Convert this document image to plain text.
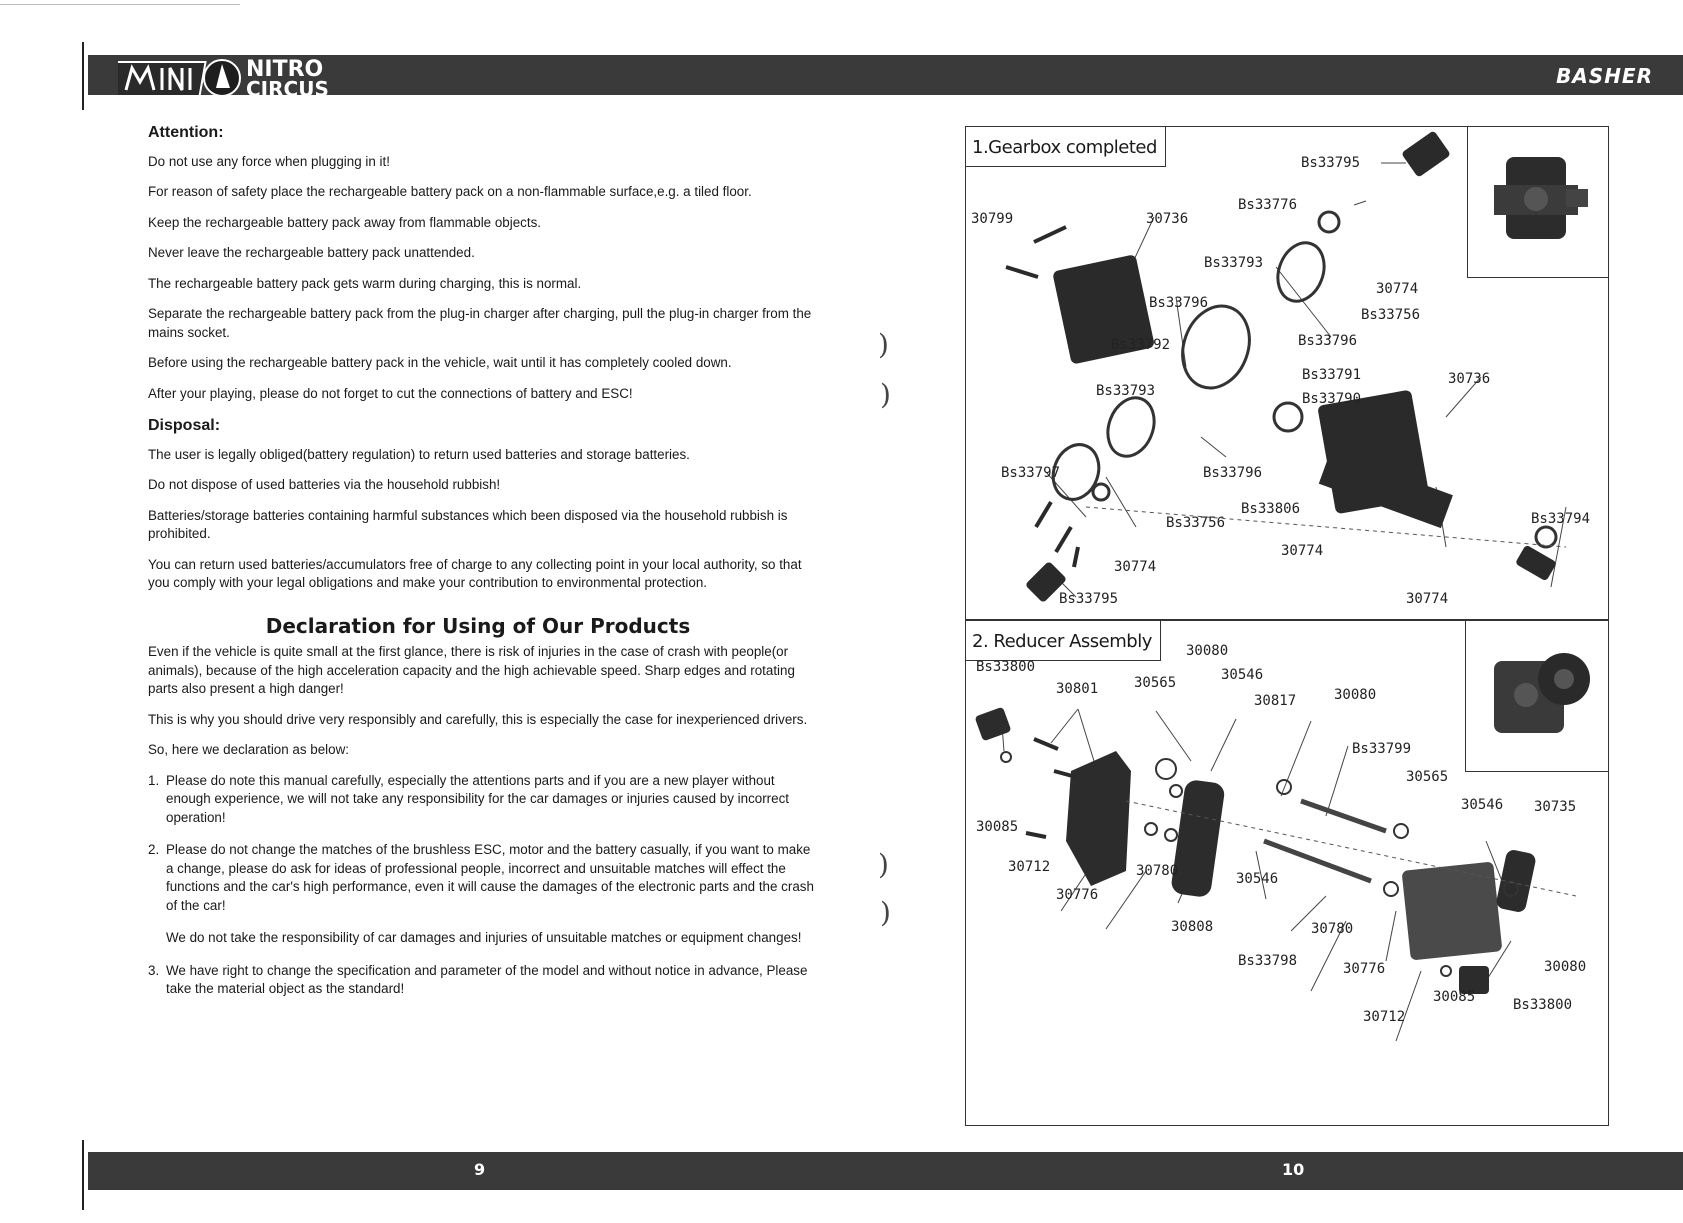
NITRO
CIRCUS
BASHER
Attention:

Do not use any force when plugging in it!

For reason of safety place the rechargeable battery pack on a non-flammable surface,e.g. a tiled floor.

Keep the rechargeable battery pack away from flammable objects.

Never leave the rechargeable battery pack unattended.

The rechargeable battery pack gets warm during charging, this is normal.

Separate the rechargeable battery pack from the plug-in charger after charging, pull the plug-in charger from the mains socket.

Before using the rechargeable battery pack in the vehicle, wait until it has completely cooled down.

After your playing, please do not forget to cut the connections of battery and ESC!

Disposal:

The user is legally obliged(battery regulation) to return used batteries and storage batteries.

Do not dispose of used batteries via the household rubbish!

Batteries/storage batteries containing harmful substances which been disposed via the household rubbish is prohibited.

You can return used batteries/accumulators free of charge to any collecting point in your local authority, so that you comply with your legal obligations and make your contribution to environmental protection.

Declaration for Using of Our Products

Even if the vehicle is quite small at the first glance, there is risk of injuries in the case of crash with people(or animals), because of the high acceleration capacity and the high achievable speed. Sharp edges and rotating parts also present a high danger!

This is why you should drive very responsibly and carefully, this is especially the case for inexperienced drivers.

So, here we declaration as below:

1. Please do note this manual carefully, especially the attentions parts and if you are a new player without enough experience, we will not take any responsibility for the car damages or injuries caused by incorrect operation!
2. Please do not change the matches of the brushless ESC, motor and the battery casually, if you want to make a change, please do ask for ideas of professional people, incorrect and unsuitable matches will effect the functions and the car's high performance, even it will cause the damages of the electronic parts and the crash of the car!
We do not take the responsibility of car damages and injuries of unsuitable matches or equipment changes!
3. We have right to change the specification and parameter of the model and without notice in advance, Please take the material object as the standard!
)
)
)
)
1.Gearbox completed
Bs33795
Bs33776
30799	30736
Bs33793
30774
Bs33796
Bs33756
Bs33792	Bs33796
Bs33791	30736
Bs33793	Bs33790
Bs33797	Bs33796
Bs33806
Bs33794
Bs33756
30774
30774
Bs33795	30774
2. Reducer Assembly	30080
Bs33800	30546
30801	30565
30817	30080
Bs33799
30565
30546 30735
30085
30712	30780	30546
30776
30808	30780
Bs33798	30776	30080
30085	Bs33800
30712
9	10
